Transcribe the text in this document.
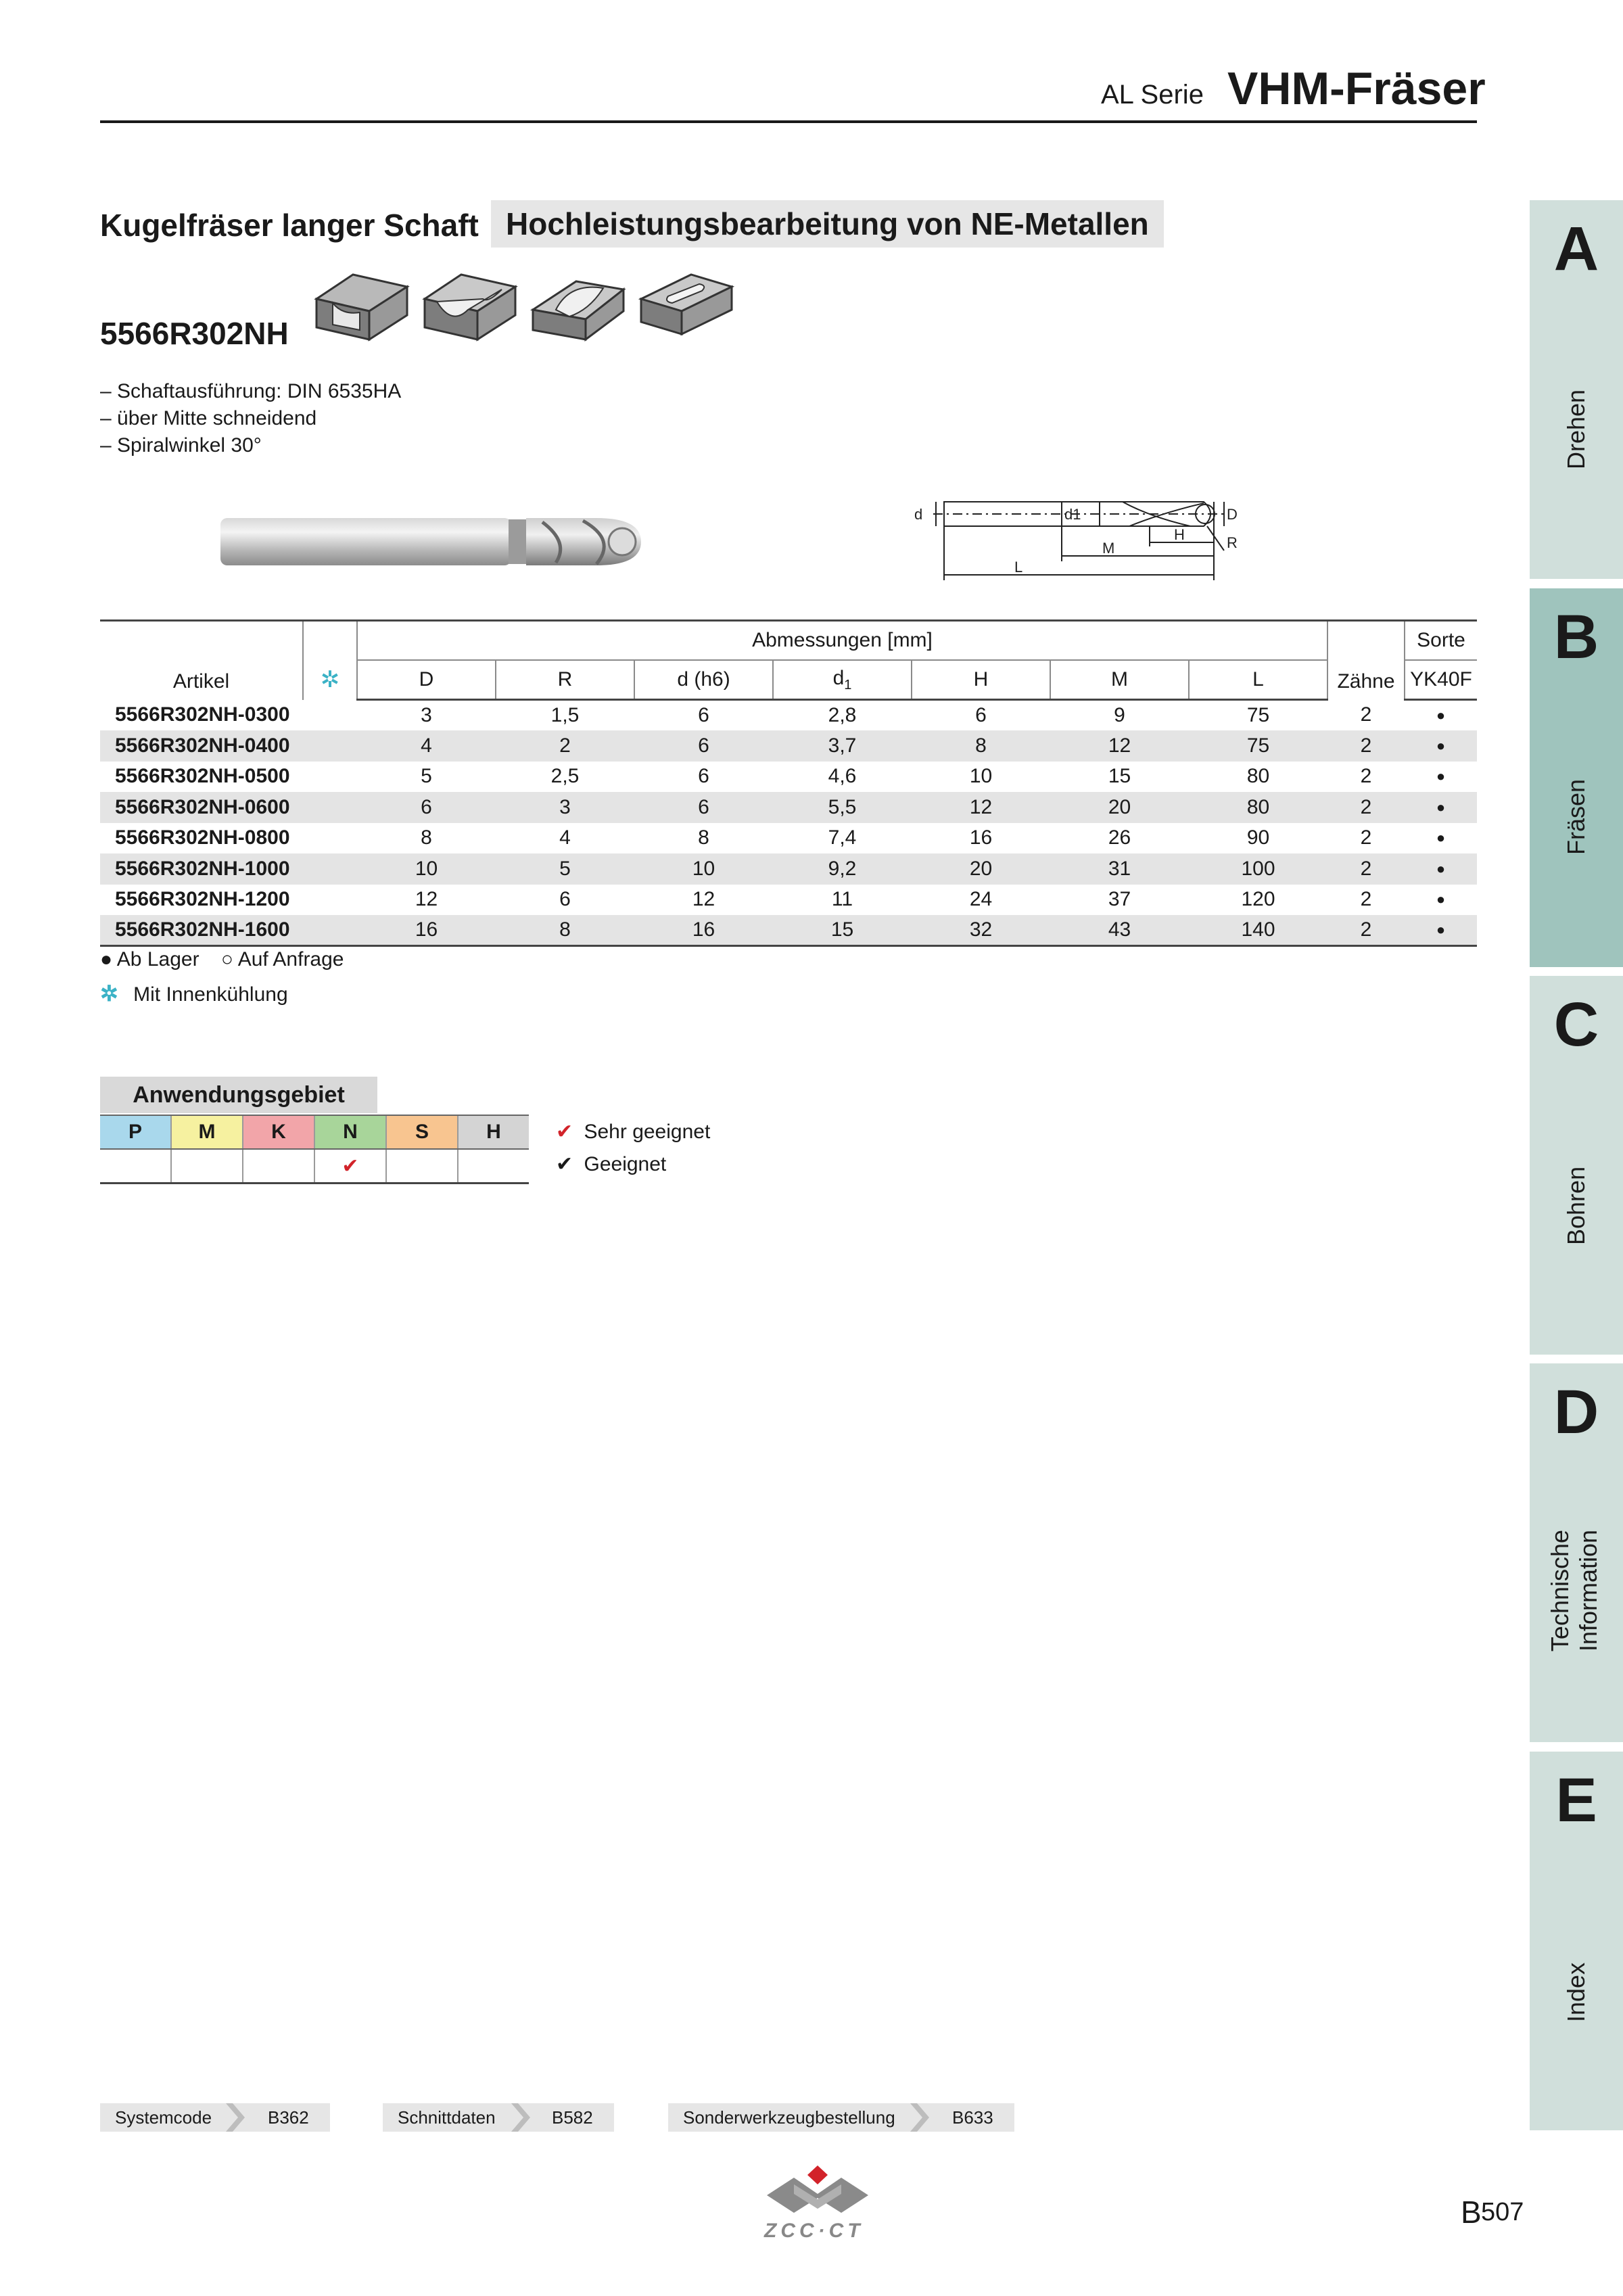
AL Serie VHM-Fräser
Kugelfräser langer Schaft Hochleistungsbearbeitung von NE-Metallen
5566R302NH
– Schaftausführung: DIN 6535HA
– über Mitte schneidend
– Spiralwinkel 30°
d	d1	D
M
H	R
L
Artikel	✲	Abmessungen [mm]							Zähne	Sorte
		D	R	d (h6)	$d_1$	H	M	L		YK40F
5566R302NH-0300		3	1,5	6	2,8	6	9	75	2	●
5566R302NH-0400		4	2	6	3,7	8	12	75	2	●
5566R302NH-0500		5	2,5	6	4,6	10	15	80	2	●
5566R302NH-0600		6	3	6	5,5	12	20	80	2	●
5566R302NH-0800		8	4	8	7,4	16	26	90	2	●
5566R302NH-1000		10	5	10	9,2	20	31	100	2	●
5566R302NH-1200		12	6	12	11	24	37	120	2	●
5566R302NH-1600		16	8	16	15	32	43	140	2	●
● Ab Lager ○ Auf Anfrage
✲ Mit Innenkühlung
Anwendungsgebiet
P	M	K	N	S	H
			✔		
✔ Sehr geeignet
✔ Geeignet
A
Drehen
B
Fräsen
C
Bohren
D
Technische Information
E
Index
Systemcode	B362	Schnittdaten	B582	Sonderwerkzeugbestellung	B633
ZCC·CT
B 507
